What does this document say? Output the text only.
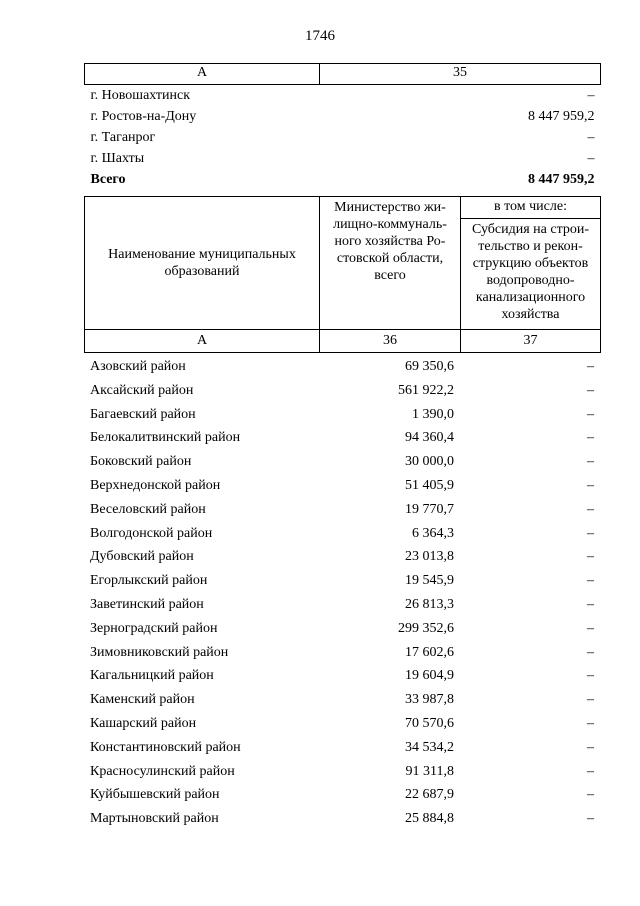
1746
А	35
г. Новошахтинск	–
г. Ростов-на-Дону	8 447 959,2
г. Таганрог	–
г. Шахты	–
Всего	8 447 959,2
Наименование муниципальных образований	Министерство жи-лищно-коммуналь-ного хозяйства Ро-стовской области, всего	в том числе:
		Субсидия на строи-тельство и рекон-струкцию объектов водопроводно-канализационного хозяйства
А	36	37
Азовский район	69 350,6	–
Аксайский район	561 922,2	–
Багаевский район	1 390,0	–
Белокалитвинский район	94 360,4	–
Боковский район	30 000,0	–
Верхнедонской район	51 405,9	–
Веселовский район	19 770,7	–
Волгодонской район	6 364,3	–
Дубовский район	23 013,8	–
Егорлыкский район	19 545,9	–
Заветинский район	26 813,3	–
Зерноградский район	299 352,6	–
Зимовниковский район	17 602,6	–
Кагальницкий район	19 604,9	–
Каменский район	33 987,8	–
Кашарский район	70 570,6	–
Константиновский район	34 534,2	–
Красносулинский район	91 311,8	–
Куйбышевский район	22 687,9	–
Мартыновский район	25 884,8	–
